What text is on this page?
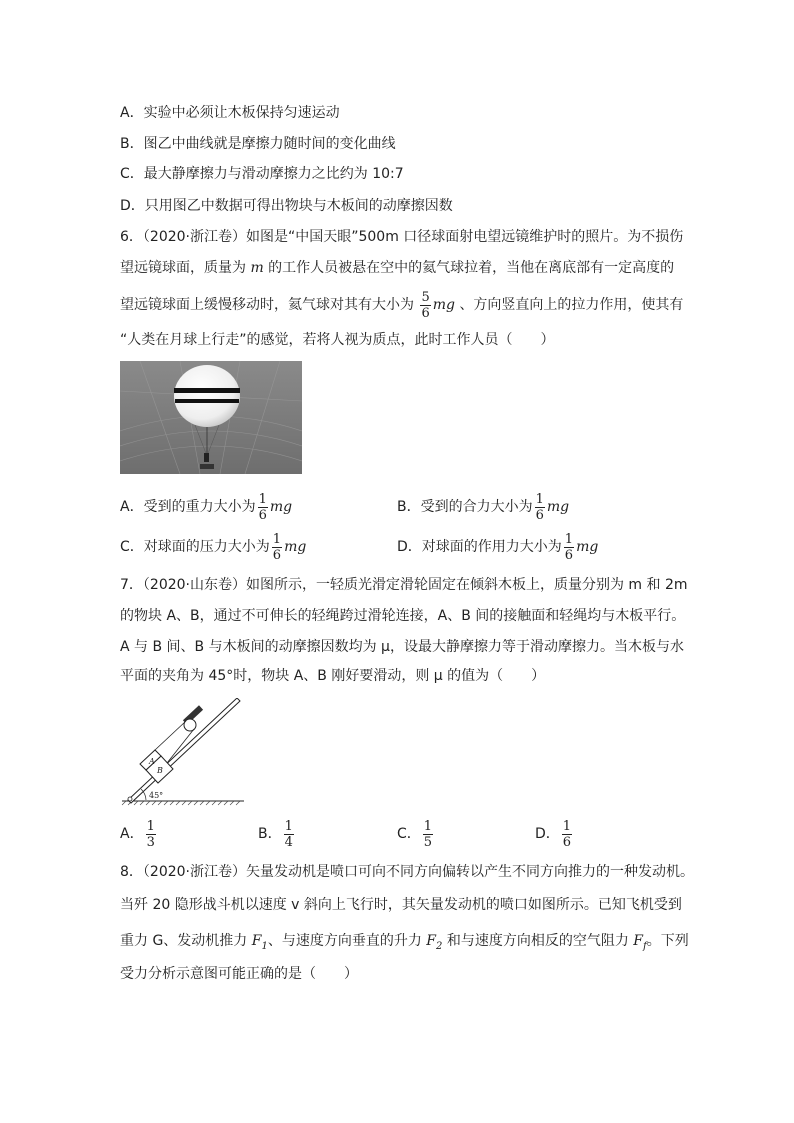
A．实验中必须让木板保持匀速运动
B．图乙中曲线就是摩擦力随时间的变化曲线
C．最大静摩擦力与滑动摩擦力之比约为 10:7
D．只用图乙中数据可得出物块与木板间的动摩擦因数
6．（2020·浙江卷）如图是“中国天眼”500m 口径球面射电望远镜维护时的照片。为不损伤
望远镜球面，质量为 m 的工作人员被悬在空中的氦气球拉着，当他在离底部有一定高度的
望远镜球面上缓慢移动时，氦气球对其有大小为 $\frac{5}{6}$ mg 、方向竖直向上的拉力作用，使其有
“人类在月球上行走”的感觉，若将人视为质点，此时工作人员（　　）
A．受到的重力大小为 $\frac{1}{6}$ mg	B．受到的合力大小为 $\frac{1}{6}$ mg
C．对球面的压力大小为 $\frac{1}{6}$ mg	D．对球面的作用力大小为 $\frac{1}{6}$ mg
7．（2020·山东卷）如图所示，一轻质光滑定滑轮固定在倾斜木板上，质量分别为 m 和 2m
的物块 A、B，通过不可伸长的轻绳跨过滑轮连接，A、B 间的接触面和轻绳均与木板平行。
A 与 B 间、B 与木板间的动摩擦因数均为 μ，设最大静摩擦力等于滑动摩擦力。当木板与水
平面的夹角为 45°时，物块 A、B 刚好要滑动，则 μ 的值为（　　）
A
B
45°
A． $\frac{1}{3}$	B． $\frac{1}{4}$	C． $\frac{1}{5}$	D． $\frac{1}{6}$
8．（2020·浙江卷）矢量发动机是喷口可向不同方向偏转以产生不同方向推力的一种发动机。
当歼 20 隐形战斗机以速度 v 斜向上飞行时，其矢量发动机的喷口如图所示。已知飞机受到
重力 G、发动机推力 $F_1$、与速度方向垂直的升力 $F_2$ 和与速度方向相反的空气阻力 $F_f$。下列
受力分析示意图可能正确的是（　　）
